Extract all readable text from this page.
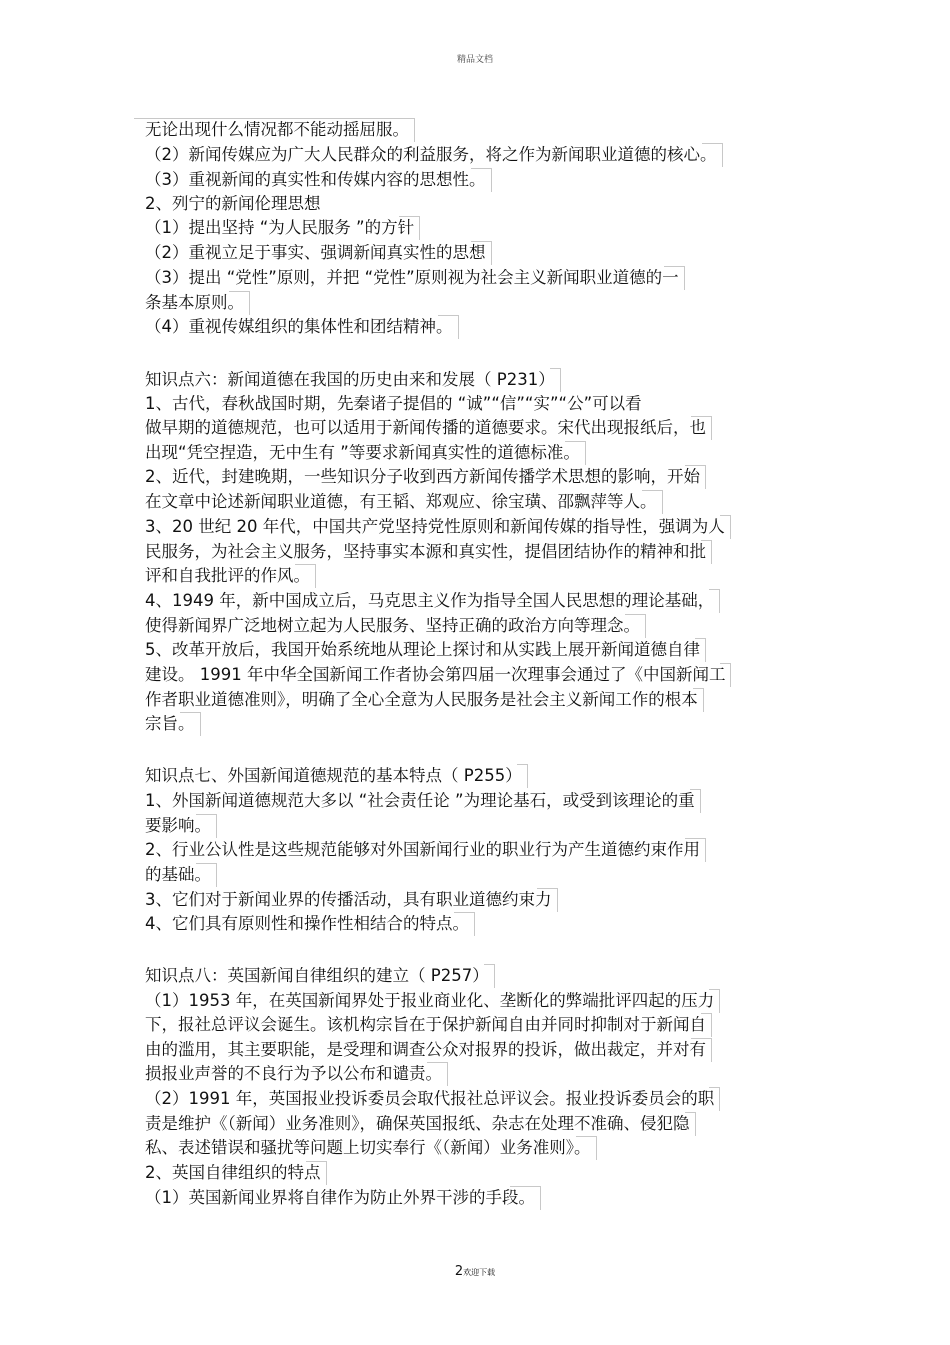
精品文档
无论出现什么情况都不能动摇屈服。
（2）新闻传媒应为广大人民群众的利益服务，将之作为新闻职业道德的核心。
（3）重视新闻的真实性和传媒内容的思想性。
2、列宁的新闻伦理思想
（1）提出坚持 “为人民服务 ”的方针
（2）重视立足于事实、强调新闻真实性的思想
（3）提出 “党性”原则，并把 “党性”原则视为社会主义新闻职业道德的一
条基本原则。
（4）重视传媒组织的集体性和团结精神。
知识点六：新闻道德在我国的历史由来和发展（ P231）
1、古代，春秋战国时期，先秦诸子提倡的 “诚”“信”“实”“公”可以看
做早期的道德规范，也可以适用于新闻传播的道德要求。宋代出现报纸后，也
出现“凭空捏造，无中生有 ”等要求新闻真实性的道德标准。
2、近代，封建晚期，一些知识分子收到西方新闻传播学术思想的影响，开始
在文章中论述新闻职业道德，有王韬、郑观应、徐宝璜、邵飘萍等人。
3、20 世纪 20 年代，中国共产党坚持党性原则和新闻传媒的指导性，强调为人
民服务，为社会主义服务，坚持事实本源和真实性，提倡团结协作的精神和批
评和自我批评的作风。
4、1949 年，新中国成立后，马克思主义作为指导全国人民思想的理论基础，
使得新闻界广泛地树立起为人民服务、坚持正确的政治方向等理念。
5、改革开放后，我国开始系统地从理论上探讨和从实践上展开新闻道德自律
建设。 1991 年中华全国新闻工作者协会第四届一次理事会通过了《中国新闻工
作者职业道德准则》，明确了全心全意为人民服务是社会主义新闻工作的根本
宗旨。
知识点七、外国新闻道德规范的基本特点（ P255）
1、外国新闻道德规范大多以 “社会责任论 ”为理论基石，或受到该理论的重
要影响。
2、行业公认性是这些规范能够对外国新闻行业的职业行为产生道德约束作用
的基础。
3、它们对于新闻业界的传播活动，具有职业道德约束力
4、它们具有原则性和操作性相结合的特点。
知识点八：英国新闻自律组织的建立（ P257）
（1）1953 年，在英国新闻界处于报业商业化、垄断化的弊端批评四起的压力
下，报社总评议会诞生。该机构宗旨在于保护新闻自由并同时抑制对于新闻自
由的滥用，其主要职能，是受理和调查公众对报界的投诉，做出裁定，并对有
损报业声誉的不良行为予以公布和谴责。
（2）1991 年，英国报业投诉委员会取代报社总评议会。报业投诉委员会的职
责是维护《（新闻）业务准则》，确保英国报纸、杂志在处理不准确、侵犯隐
私、表述错误和骚扰等问题上切实奉行《（新闻）业务准则》。
2、英国自律组织的特点
（1）英国新闻业界将自律作为防止外界干涉的手段。
2欢迎下载
